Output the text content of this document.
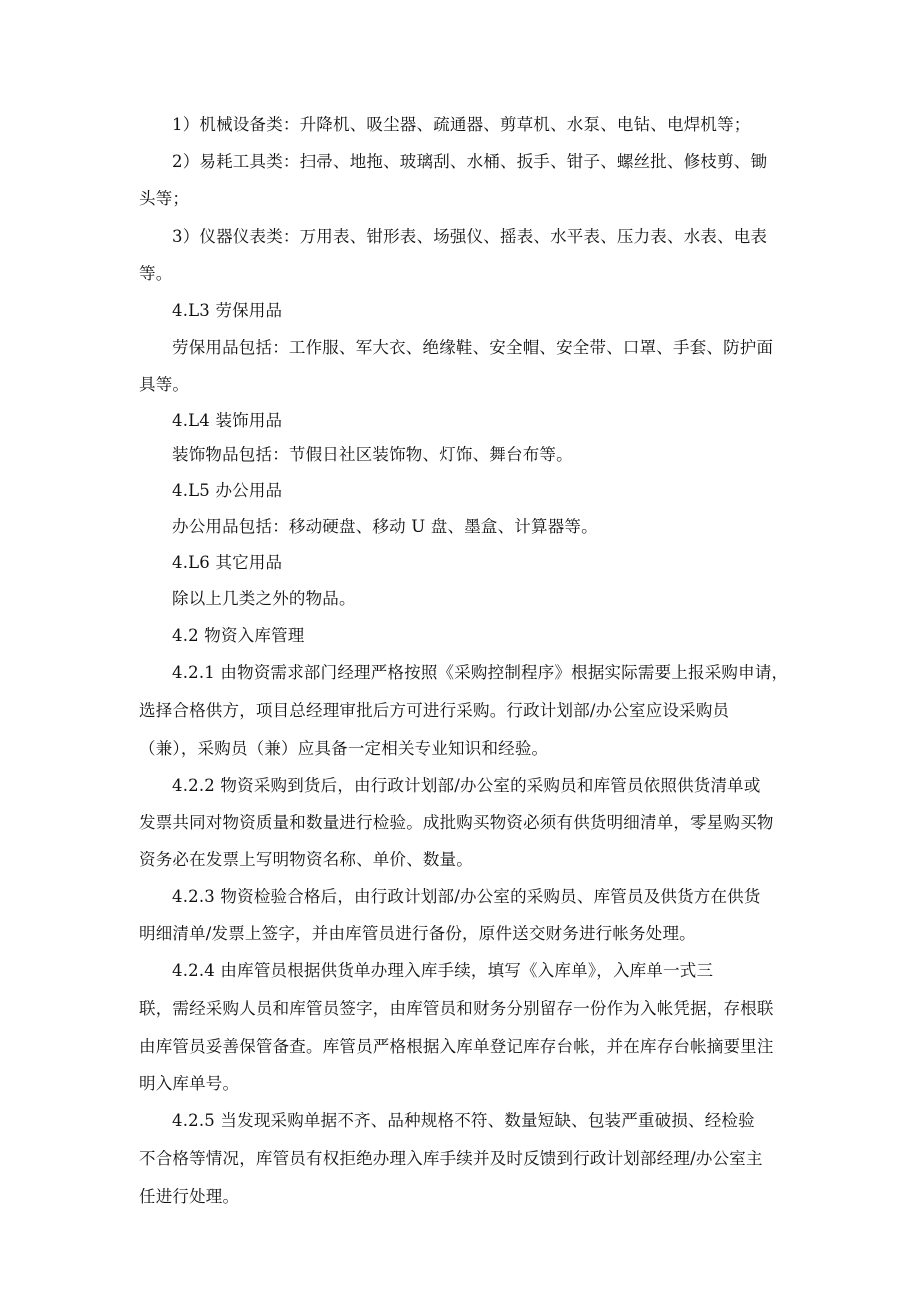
1）机械设备类：升降机、吸尘器、疏通器、剪草机、水泵、电钻、电焊机等；
2）易耗工具类：扫帚、地拖、玻璃刮、水桶、扳手、钳子、螺丝批、修枝剪、锄
头等；
3）仪器仪表类：万用表、钳形表、场强仪、摇表、水平表、压力表、水表、电表
等。
4.L3 劳保用品
劳保用品包括：工作服、军大衣、绝缘鞋、安全帽、安全带、口罩、手套、防护面
具等。
4.L4 装饰用品
装饰物品包括：节假日社区装饰物、灯饰、舞台布等。
4.L5 办公用品
办公用品包括：移动硬盘、移动 U 盘、墨盒、计算器等。
4.L6 其它用品
除以上几类之外的物品。
4.2 物资入库管理
4.2.1 由物资需求部门经理严格按照《采购控制程序》根据实际需要上报采购申请，
选择合格供方，项目总经理审批后方可进行采购。行政计划部/办公室应设采购员
（兼），采购员（兼）应具备一定相关专业知识和经验。
4.2.2 物资采购到货后，由行政计划部/办公室的采购员和库管员依照供货清单或
发票共同对物资质量和数量进行检验。成批购买物资必须有供货明细清单，零星购买物
资务必在发票上写明物资名称、单价、数量。
4.2.3 物资检验合格后，由行政计划部/办公室的采购员、库管员及供货方在供货
明细清单/发票上签字，并由库管员进行备份，原件送交财务进行帐务处理。
4.2.4 由库管员根据供货单办理入库手续，填写《入库单》，入库单一式三
联，需经采购人员和库管员签字，由库管员和财务分别留存一份作为入帐凭据，存根联
由库管员妥善保管备查。库管员严格根据入库单登记库存台帐，并在库存台帐摘要里注
明入库单号。
4.2.5 当发现采购单据不齐、品种规格不符、数量短缺、包装严重破损、经检验
不合格等情况，库管员有权拒绝办理入库手续并及时反馈到行政计划部经理/办公室主
任进行处理。
